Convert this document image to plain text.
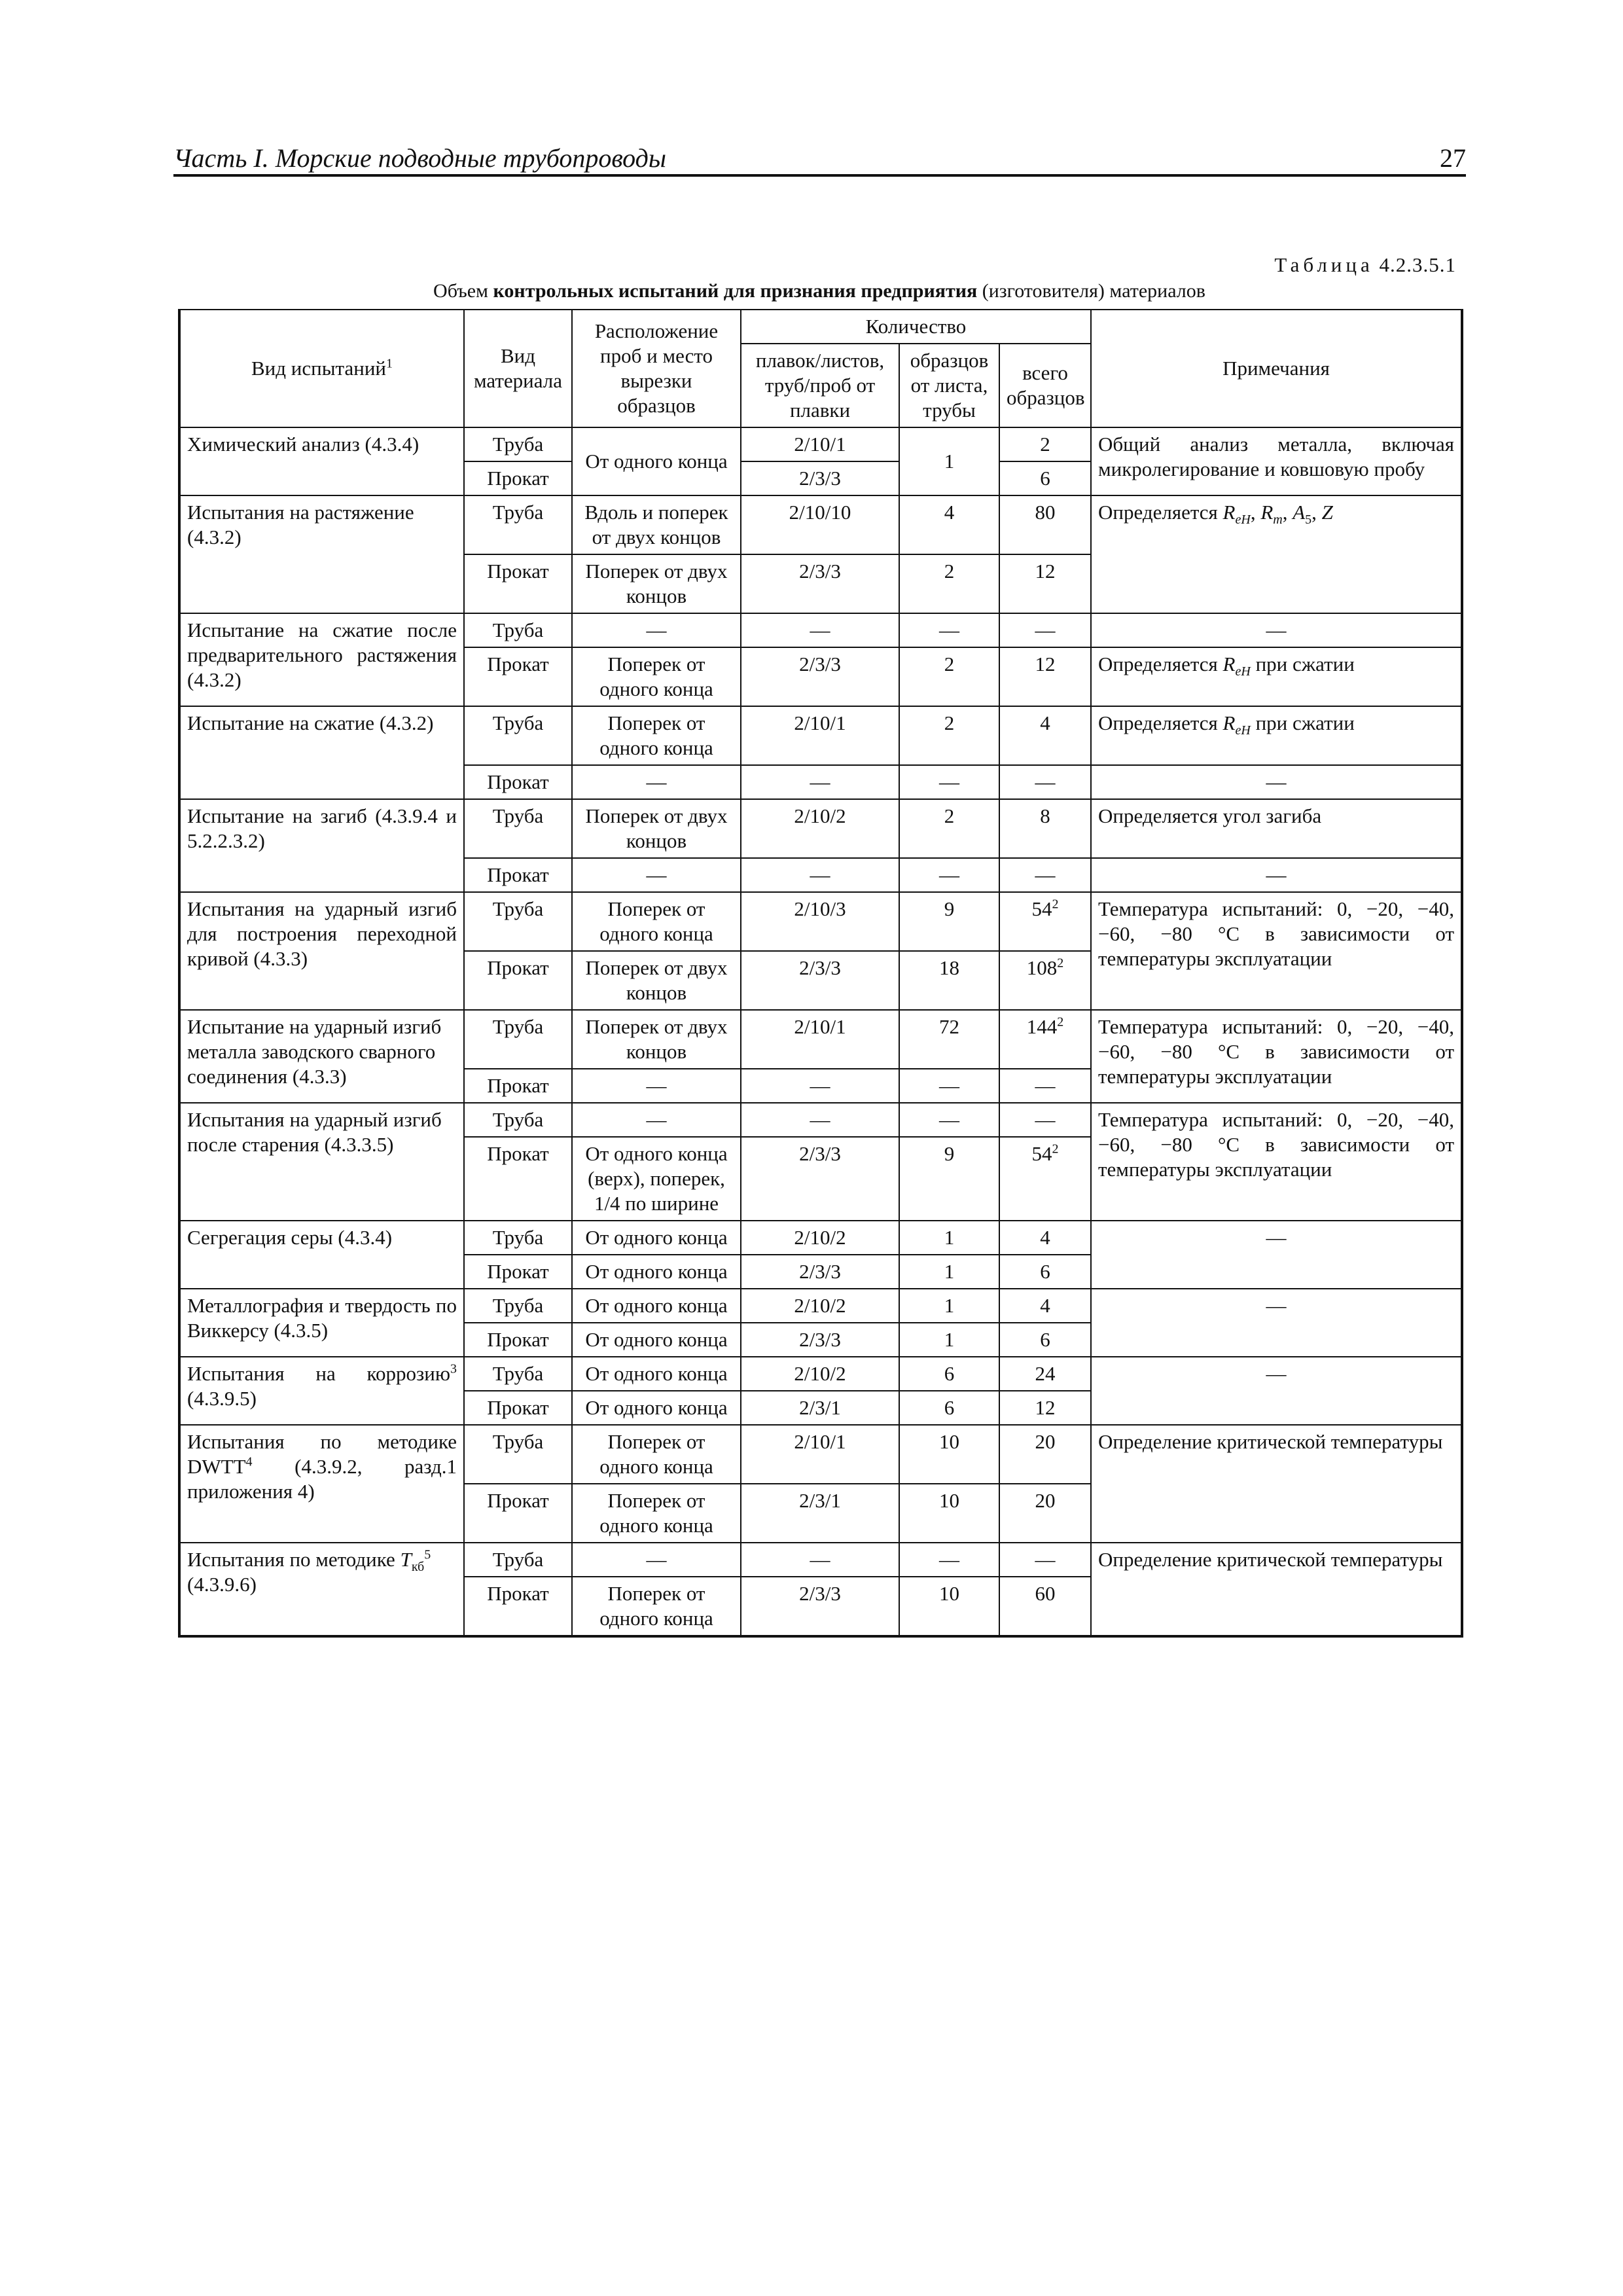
Часть I. Морские подводные трубопроводы	27
Таблица 4.2.3.5.1
Объем контрольных испытаний для признания предприятия (изготовителя) материалов
Вид испытаний$^1$	Вид материала	Расположение проб и место вырезки образцов	Количество			Примечания
			плавок/листов, труб/проб от плавки	образцов от листа, трубы	всего образцов	
Химический анализ (4.3.4)	Труба	От одного конца	2/10/1	1	2	Общий анализ металла, включая микролегирование и ковшовую пробу
	Прокат		2/3/3		6	
Испытания на растяжение (4.3.2)	Труба	Вдоль и поперек от двух концов	2/10/10	4	80	Определяется $R_{eH}$, $R_m$, $A_5$, Z
	Прокат	Поперек от двух концов	2/3/3	2	12	
Испытание на сжатие после предварительного растяжения (4.3.2)	Труба	—	—	—	—	—
	Прокат	Поперек от одного конца	2/3/3	2	12	Определяется $R_{eH}$ при сжатии
Испытание на сжатие (4.3.2)	Труба	Поперек от одного конца	2/10/1	2	4	Определяется $R_{eH}$ при сжатии
	Прокат	—	—	—	—	—
Испытание на загиб (4.3.9.4 и 5.2.2.3.2)	Труба	Поперек от двух концов	2/10/2	2	8	Определяется угол загиба
	Прокат	—	—	—	—	—
Испытания на ударный изгиб для построения переходной кривой (4.3.3)	Труба	Поперек от одного конца	2/10/3	9	$54^2$	Температура испытаний: 0, −20, −40, −60, −80 °С в зависимости от температуры эксплуатации
	Прокат	Поперек от двух концов	2/3/3	18	$108^2$
Испытание на ударный изгиб металла заводского сварного соединения (4.3.3)	Труба	Поперек от двух концов	2/10/1	72	$144^2$	Температура испытаний: 0, −20, −40, −60, −80 °С в зависимости от температуры эксплуатации
	Прокат	—	—	—	—	
Испытания на ударный изгиб после старения (4.3.3.5)	Труба	—	—	—	—	Температура испытаний: 0, −20, −40, −60, −80 °С в зависимости от температуры эксплуатации
	Прокат	От одного конца (верх), поперек, 1/4 по ширине	2/3/3	9	$54^2$
Сегрегация серы (4.3.4)	Труба	От одного конца	2/10/2	1	4	—
	Прокат	От одного конца	2/3/3	1	6	
Металлография и твердость по Виккерсу (4.3.5)	Труба	От одного конца	2/10/2	1	4	—
	Прокат	От одного конца	2/3/3	1	6	
Испытания на коррозию$^3$ (4.3.9.5)	Труба	От одного конца	2/10/2	6	24	—
	Прокат	От одного конца	2/3/1	6	12	
Испытания по методике DWTT$^4$ (4.3.9.2, разд.1 приложения 4)	Труба	Поперек от одного конца	2/10/1	10	20	Определение критической температуры
	Прокат	Поперек от одного конца	2/3/1	10	20	
Испытания по методике $T_{кб}^5$ (4.3.9.6)	Труба	—	—	—	—	Определение критической температуры
	Прокат	Поперек от одного конца	2/3/3	10	60	
